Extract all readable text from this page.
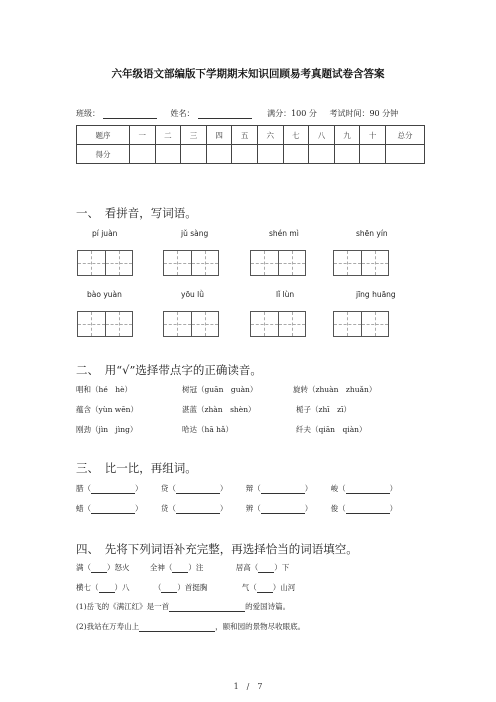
六年级语文部编版下学期期末知识回顾易考真题试卷含答案
班级：	姓名：	满分：100 分 考试时间：90 分钟
题序	一	二	三	四	五	六	七	八	九	十	总分
得分											
一、　看拼音，写词语。
pí juàn	jǔ sàng	shén mì	shēn yín
bào yuàn	yōu lǜ	lǐ lùn	jīng huāng
二、　用“√”选择带点字的正确读音。
唱和（hé　hè）	树冠（guān　guàn）	旋转（zhuàn　zhuǎn）
蕴含（yùn wēn）	湛蓝（zhàn　shèn）	栀子（zhī　zī）
刚劲（jìn　jìng）	哈达（hā hǎ）	纤夫（qiān　qiàn）
三、　比一比，再组词。
腊（	） 贷（	） 辩（	） 峻（	）
蜡（	） 货（	） 辨（	） 俊（	）
四、　先将下列词语补充完整，再选择恰当的词语填空。
满（ ）怒火	全神（ ）注	居高（ ）下
横七（ ）八	（ ）首挺胸	气（ ）山河
(1)岳飞的《满江红》是一首	的爱国诗篇。
(2)我站在万寿山上	，颐和园的景物尽收眼底。
1　/　7
